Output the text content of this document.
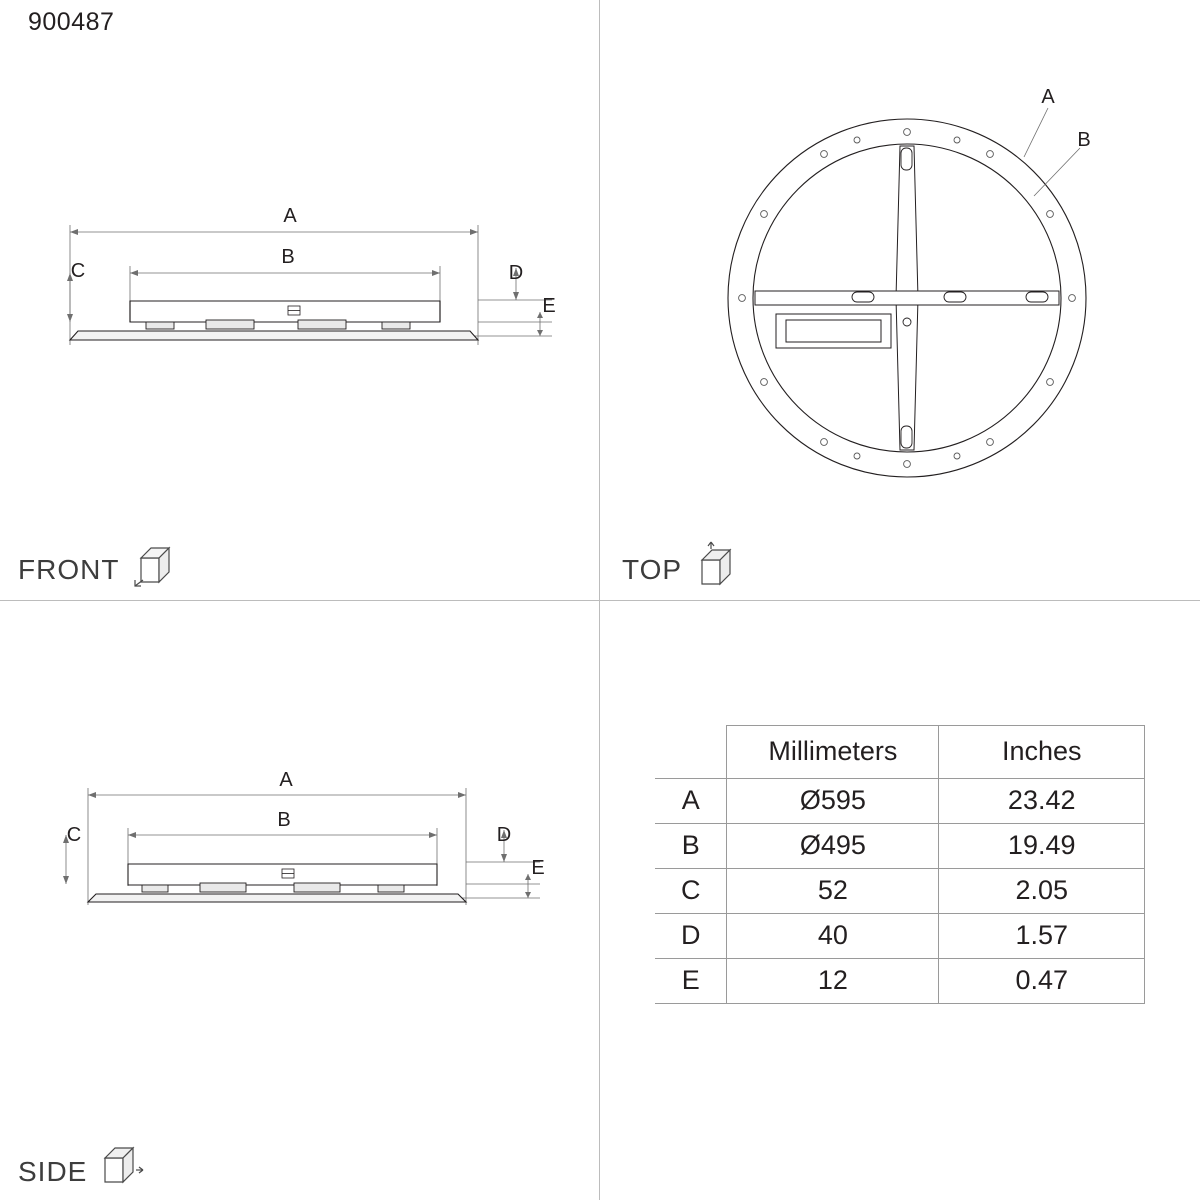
900487
A
B
C	D
E
FRONT
A
B
TOP
A
B
C	D
E
SIDE
	Millimeters	Inches
A	Ø595	23.42
B	Ø495	19.49
C	52	2.05
D	40	1.57
E	12	0.47
